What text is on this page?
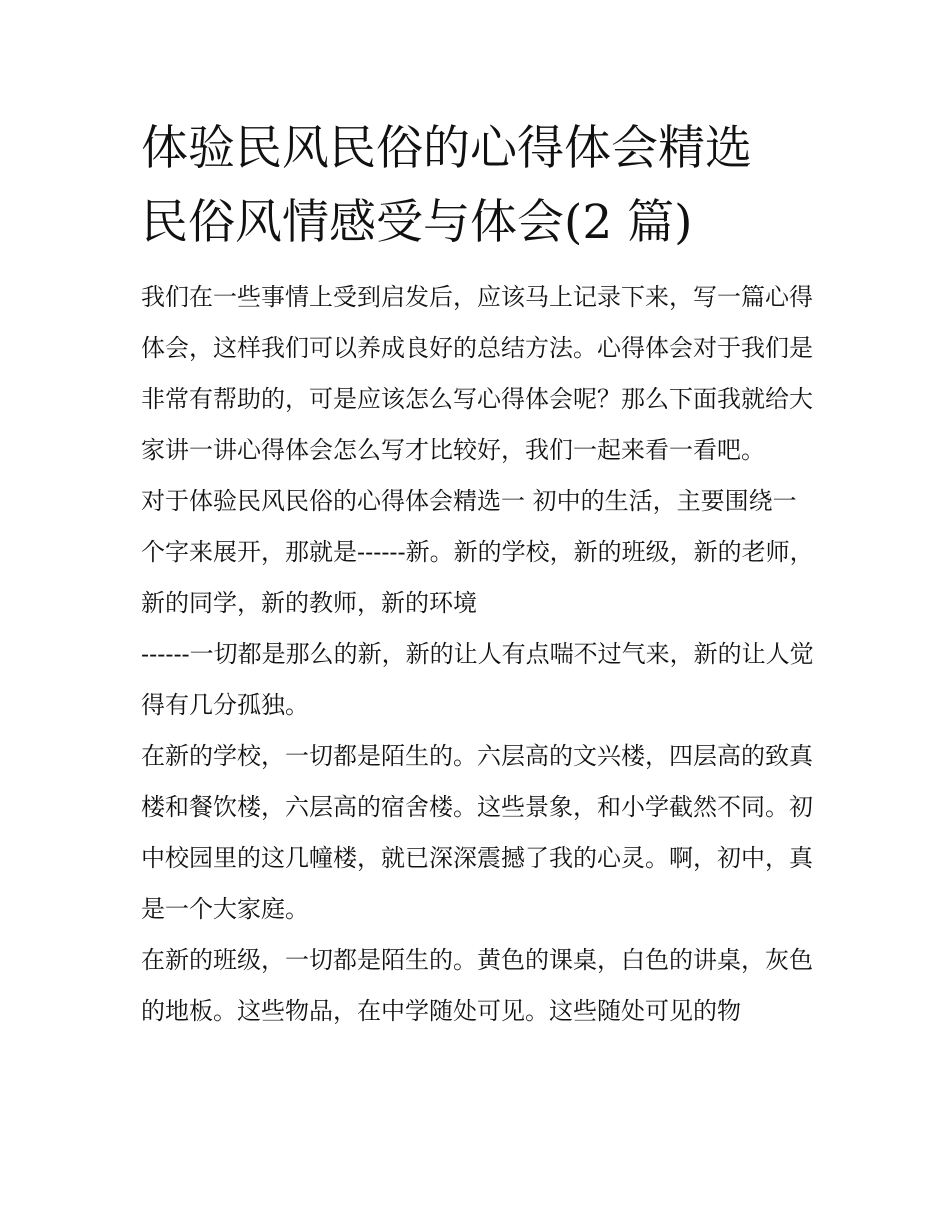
体验民风民俗的心得体会精选
民俗风情感受与体会(2 篇)

我们在一些事情上受到启发后，应该马上记录下来，写一篇心得体会，这样我们可以养成良好的总结方法。心得体会对于我们是非常有帮助的，可是应该怎么写心得体会呢？那么下面我就给大家讲一讲心得体会怎么写才比较好，我们一起来看一看吧。

对于体验民风民俗的心得体会精选一 初中的生活，主要围绕一个字来展开，那就是------新。新的学校，新的班级，新的老师，新的同学，新的教师，新的环境
------一切都是那么的新，新的让人有点喘不过气来，新的让人觉得有几分孤独。

在新的学校，一切都是陌生的。六层高的文兴楼，四层高的致真楼和餐饮楼，六层高的宿舍楼。这些景象，和小学截然不同。初中校园里的这几幢楼，就已深深震撼了我的心灵。啊，初中，真是一个大家庭。

在新的班级，一切都是陌生的。黄色的课桌，白色的讲桌，灰色的地板。这些物品，在中学随处可见。这些随处可见的物
